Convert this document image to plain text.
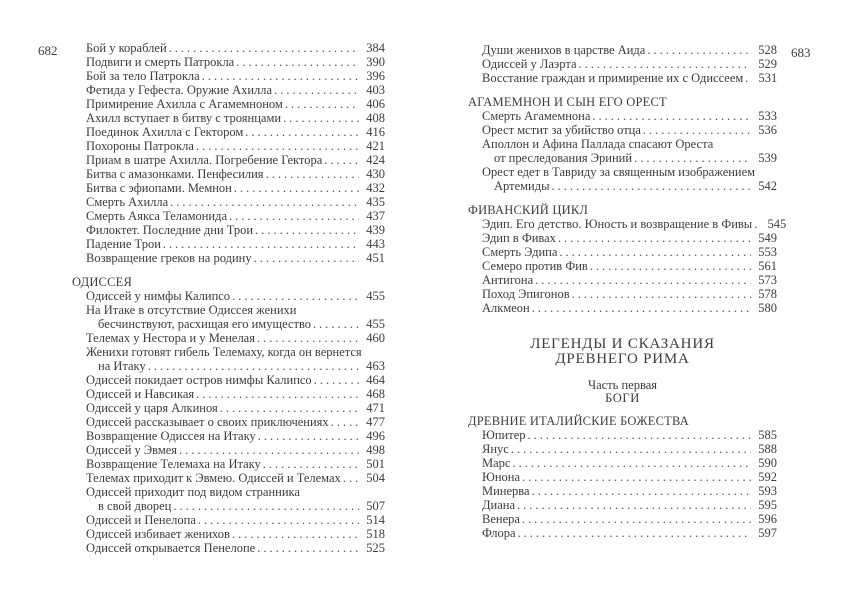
682	683
Бой у кораблей .....	384
Подвиги и смерть Патрокла .....	390
Бой за тело Патрокла .....	396
Фетида у Гефеста. Оружие Ахилла .....	403
Примирение Ахилла с Агамемноном .....	406
Ахилл вступает в битву с троянцами .....	408
Поединок Ахилла с Гектором .....	416
Похороны Патрокла .....	421
Приам в шатре Ахилла. Погребение Гектора .....	424
Битва с амазонками. Пенфесилия .....	430
Битва с эфиопами. Мемнон .....	432
Смерть Ахилла .....	435
Смерть Аякса Теламонида .....	437
Филоктет. Последние дни Трои .....	439
Падение Трои .....	443
Возвращение греков на родину .....	451
ОДИССЕЯ
Одиссей у нимфы Калипсо .....	455
На Итаке в отсутствие Одиссея женихи
бесчинствуют, расхищая его имущество .....	455
Телемах у Нестора и у Менелая .....	460
Женихи готовят гибель Телемаху, когда он вернется
на Итаку .....	463
Одиссей покидает остров нимфы Калипсо .....	464
Одиссей и Навсикая .....	468
Одиссей у царя Алкиноя .....	471
Одиссей рассказывает о своих приключениях .....	477
Возвращение Одиссея на Итаку .....	496
Одиссей у Эвмея .....	498
Возвращение Телемаха на Итаку .....	501
Телемах приходит к Эвмею. Одиссей и Телемах .....	504
Одиссей приходит под видом странника
в свой дворец .....	507
Одиссей и Пенелопа .....	514
Одиссей избивает женихов .....	518
Одиссей открывается Пенелопе .....	525
Души женихов в царстве Аида .....	528
Одиссей у Лаэрта .....	529
Восстание граждан и примирение их с Одиссеем .....	531
АГАМЕМНОН И СЫН ЕГО ОРЕСТ
Смерть Агамемнона .....	533
Орест мстит за убийство отца .....	536
Аполлон и Афина Паллада спасают Ореста
от преследования Эриний .....	539
Орест едет в Тавриду за священным изображением
Артемиды .....	542
ФИВАНСКИЙ ЦИКЛ
Эдип. Его детство. Юность и возвращение в Фивы .....	545
Эдип в Фивах .....	549
Смерть Эдипа .....	553
Семеро против Фив .....	561
Антигона .....	573
Поход Эпигонов .....	578
Алкмеон .....	580
ЛЕГЕНДЫ И СКАЗАНИЯ
ДРЕВНЕГО РИМА
Часть первая
БОГИ
ДРЕВНИЕ ИТАЛИЙСКИЕ БОЖЕСТВА
Юпитер .....	585
Янус .....	588
Марс .....	590
Юнона .....	592
Минерва .....	593
Диана .....	595
Венера .....	596
Флора .....	597
